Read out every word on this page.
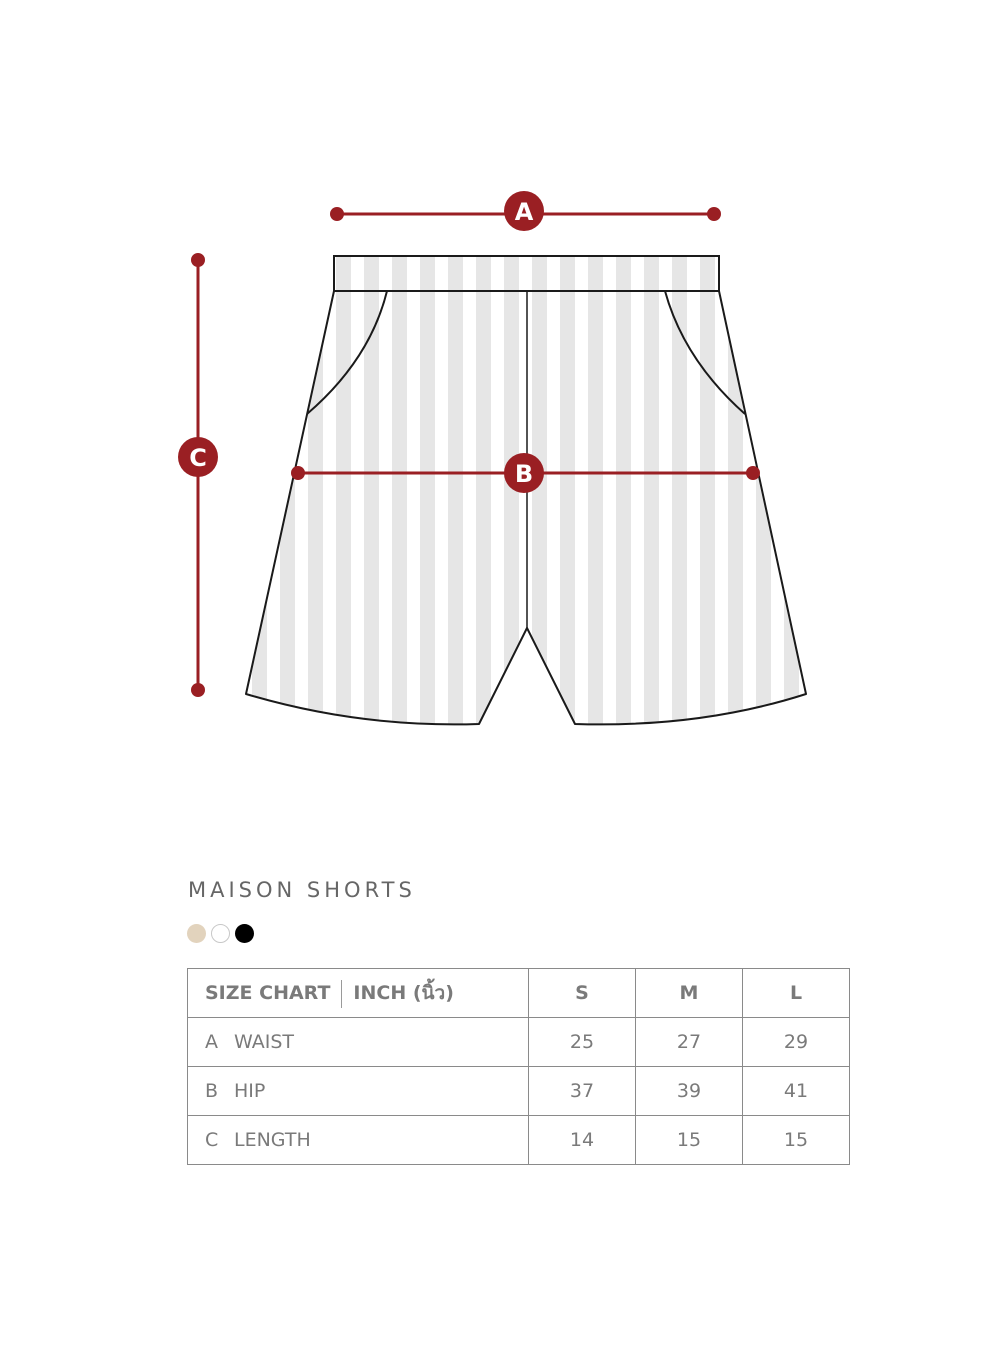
A
B
C
MAISON SHORTS
SIZE CHART INCH (นิ้ว)	S	M	L
A WAIST	25	27	29
B HIP	37	39	41
C LENGTH	14	15	15
